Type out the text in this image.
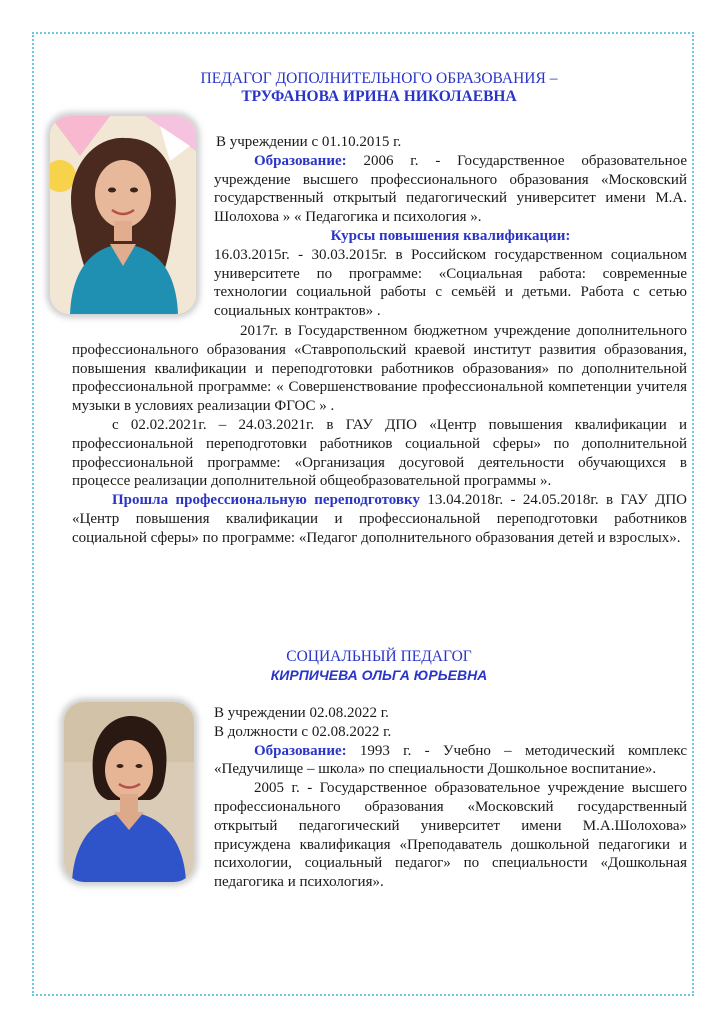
ПЕДАГОГ ДОПОЛНИТЕЛЬНОГО ОБРАЗОВАНИЯ –
ТРУФАНОВА ИРИНА НИКОЛАЕВНА

В учреждении с 01.10.2015 г.

Образование: 2006 г. - Государственное образовательное учреждение высшего профессионального образования «Московский государственный открытый педагогический университет имени М.А. Шолохова » « Педагогика и психология ».

Курсы повышения квалификации:

16.03.2015г. - 30.03.2015г. в Российском государственном социальном университете по программе: «Социальная работа: современные технологии социальной работы с семьёй и детьми. Работа с сетью социальных контрактов» .

2017г. в Государственном бюджетном учреждение дополнительного профессионального образования «Ставропольский краевой институт развития образования, повышения квалификации и переподготовки работников образования» по дополнительной профессиональной программе: « Совершенствование профессиональной компетенции учителя музыки в условиях реализации ФГОС » .

с 02.02.2021г. – 24.03.2021г. в ГАУ ДПО «Центр повышения квалификации и профессиональной переподготовки работников социальной сферы» по дополнительной профессиональной программе: «Организация досуговой деятельности обучающихся в процессе реализации дополнительной общеобразовательной программы ».

Прошла профессиональную переподготовку 13.04.2018г. - 24.05.2018г. в ГАУ ДПО «Центр повышения квалификации и профессиональной переподготовки работников социальной сферы» по программе: «Педагог дополнительного образования детей и взрослых».

СОЦИАЛЬНЫЙ ПЕДАГОГ
КИРПИЧЕВА ОЛЬГА ЮРЬЕВНА

В учреждении 02.08.2022 г.

В должности с 02.08.2022 г.

Образование: 1993 г. - Учебно – методический комплекс «Педучилище – школа» по специальности Дошкольное воспитание».

2005 г. - Государственное образовательное учреждение высшего профессионального образования «Московский государственный открытый педагогический университет имени М.А.Шолохова» присуждена квалификация «Преподаватель дошкольной педагогики и психологии, социальный педагог» по специальности «Дошкольная педагогика и психология».
